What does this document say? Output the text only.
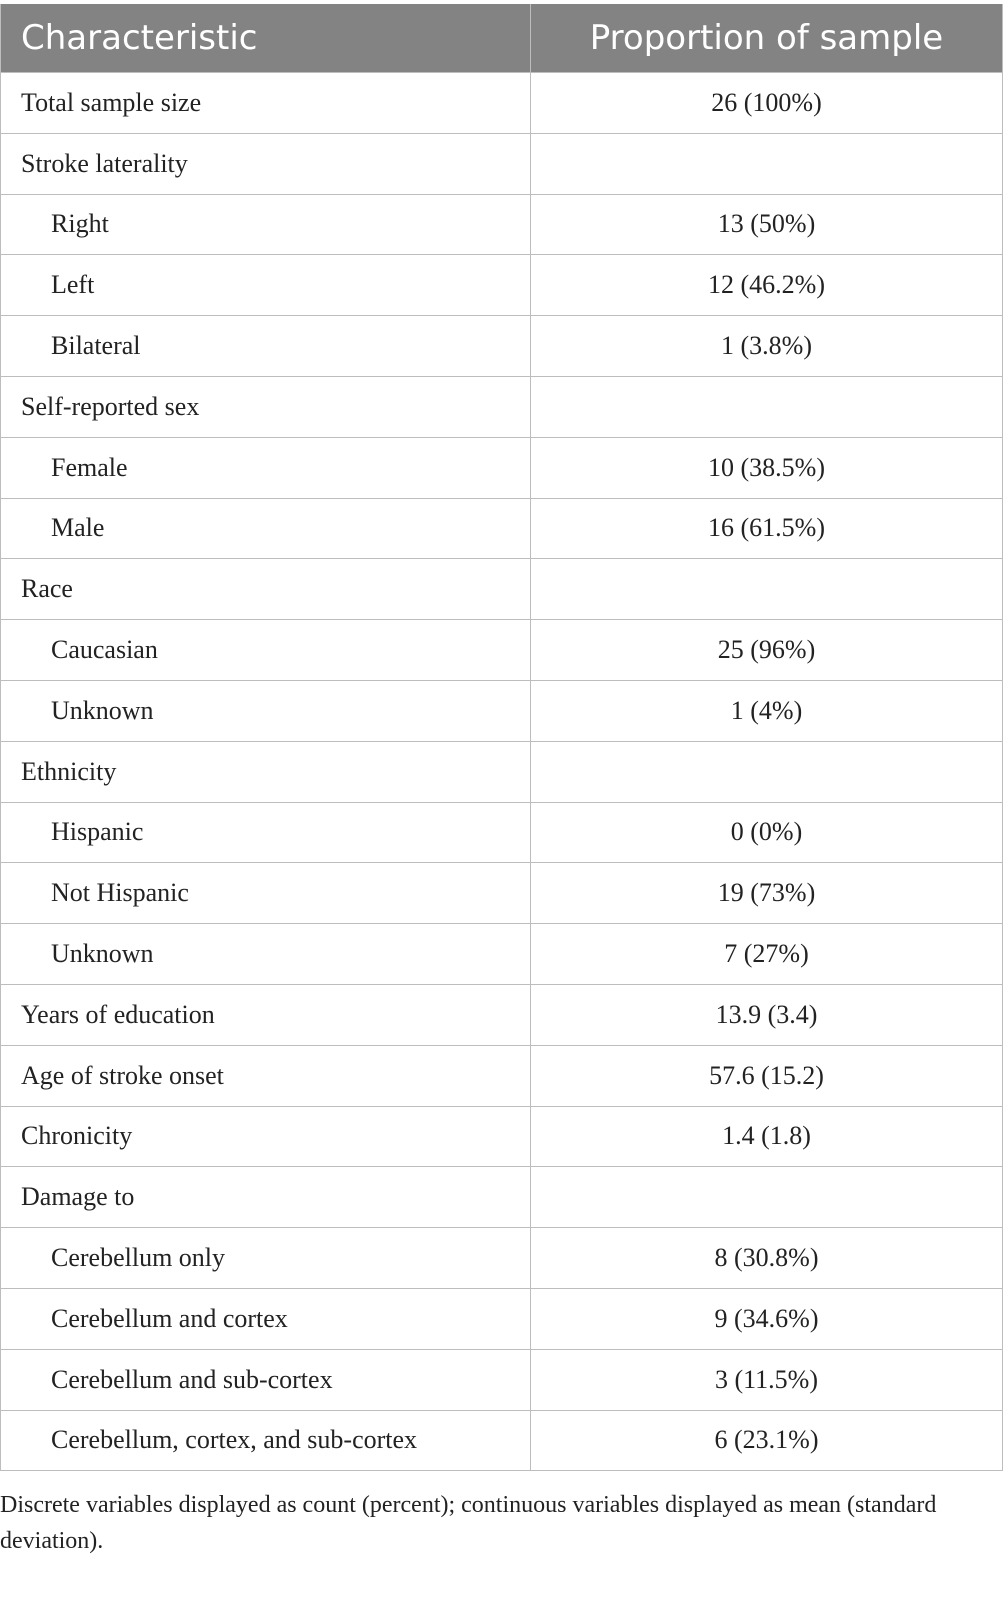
Characteristic	Proportion of sample
Total sample size	26 (100%)
Stroke laterality	
Right	13 (50%)
Left	12 (46.2%)
Bilateral	1 (3.8%)
Self-reported sex	
Female	10 (38.5%)
Male	16 (61.5%)
Race	
Caucasian	25 (96%)
Unknown	1 (4%)
Ethnicity	
Hispanic	0 (0%)
Not Hispanic	19 (73%)
Unknown	7 (27%)
Years of education	13.9 (3.4)
Age of stroke onset	57.6 (15.2)
Chronicity	1.4 (1.8)
Damage to	
Cerebellum only	8 (30.8%)
Cerebellum and cortex	9 (34.6%)
Cerebellum and sub-cortex	3 (11.5%)
Cerebellum, cortex, and sub-cortex	6 (23.1%)
Discrete variables displayed as count (percent); continuous variables displayed as mean (standard deviation).
